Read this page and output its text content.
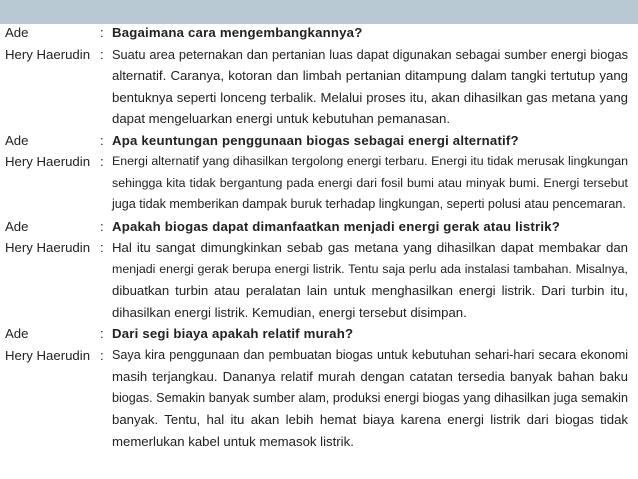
Ade	: Bagaimana cara mengembangkannya?
Hery Haerudin : Suatu area peternakan dan pertanian luas dapat digunakan sebagai sumber energi biogas
alternatif. Caranya, kotoran dan limbah pertanian ditampung dalam tangki tertutup yang
bentuknya seperti lonceng terbalik. Melalui proses itu, akan dihasilkan gas metana yang
dapat mengeluarkan energi untuk kebutuhan pemanasan.
Ade	: Apa keuntungan penggunaan biogas sebagai energi alternatif?
Hery Haerudin : Energi alternatif yang dihasilkan tergolong energi terbaru. Energi itu tidak merusak lingkungan
sehingga kita tidak bergantung pada energi dari fosil bumi atau minyak bumi. Energi tersebut
juga tidak memberikan dampak buruk terhadap lingkungan, seperti polusi atau pencemaran.
Ade	: Apakah biogas dapat dimanfaatkan menjadi energi gerak atau listrik?
Hery Haerudin : Hal itu sangat dimungkinkan sebab gas metana yang dihasilkan dapat membakar dan
menjadi energi gerak berupa energi listrik. Tentu saja perlu ada instalasi tambahan. Misalnya,
dibuatkan turbin atau peralatan lain untuk menghasilkan energi listrik. Dari turbin itu,
dihasilkan energi listrik. Kemudian, energi tersebut disimpan.
Ade	: Dari segi biaya apakah relatif murah?
Hery Haerudin : Saya kira penggunaan dan pembuatan biogas untuk kebutuhan sehari-hari secara ekonomi
masih terjangkau. Dananya relatif murah dengan catatan tersedia banyak bahan baku
biogas. Semakin banyak sumber alam, produksi energi biogas yang dihasilkan juga semakin
banyak. Tentu, hal itu akan lebih hemat biaya karena energi listrik dari biogas tidak
memerlukan kabel untuk memasok listrik.
